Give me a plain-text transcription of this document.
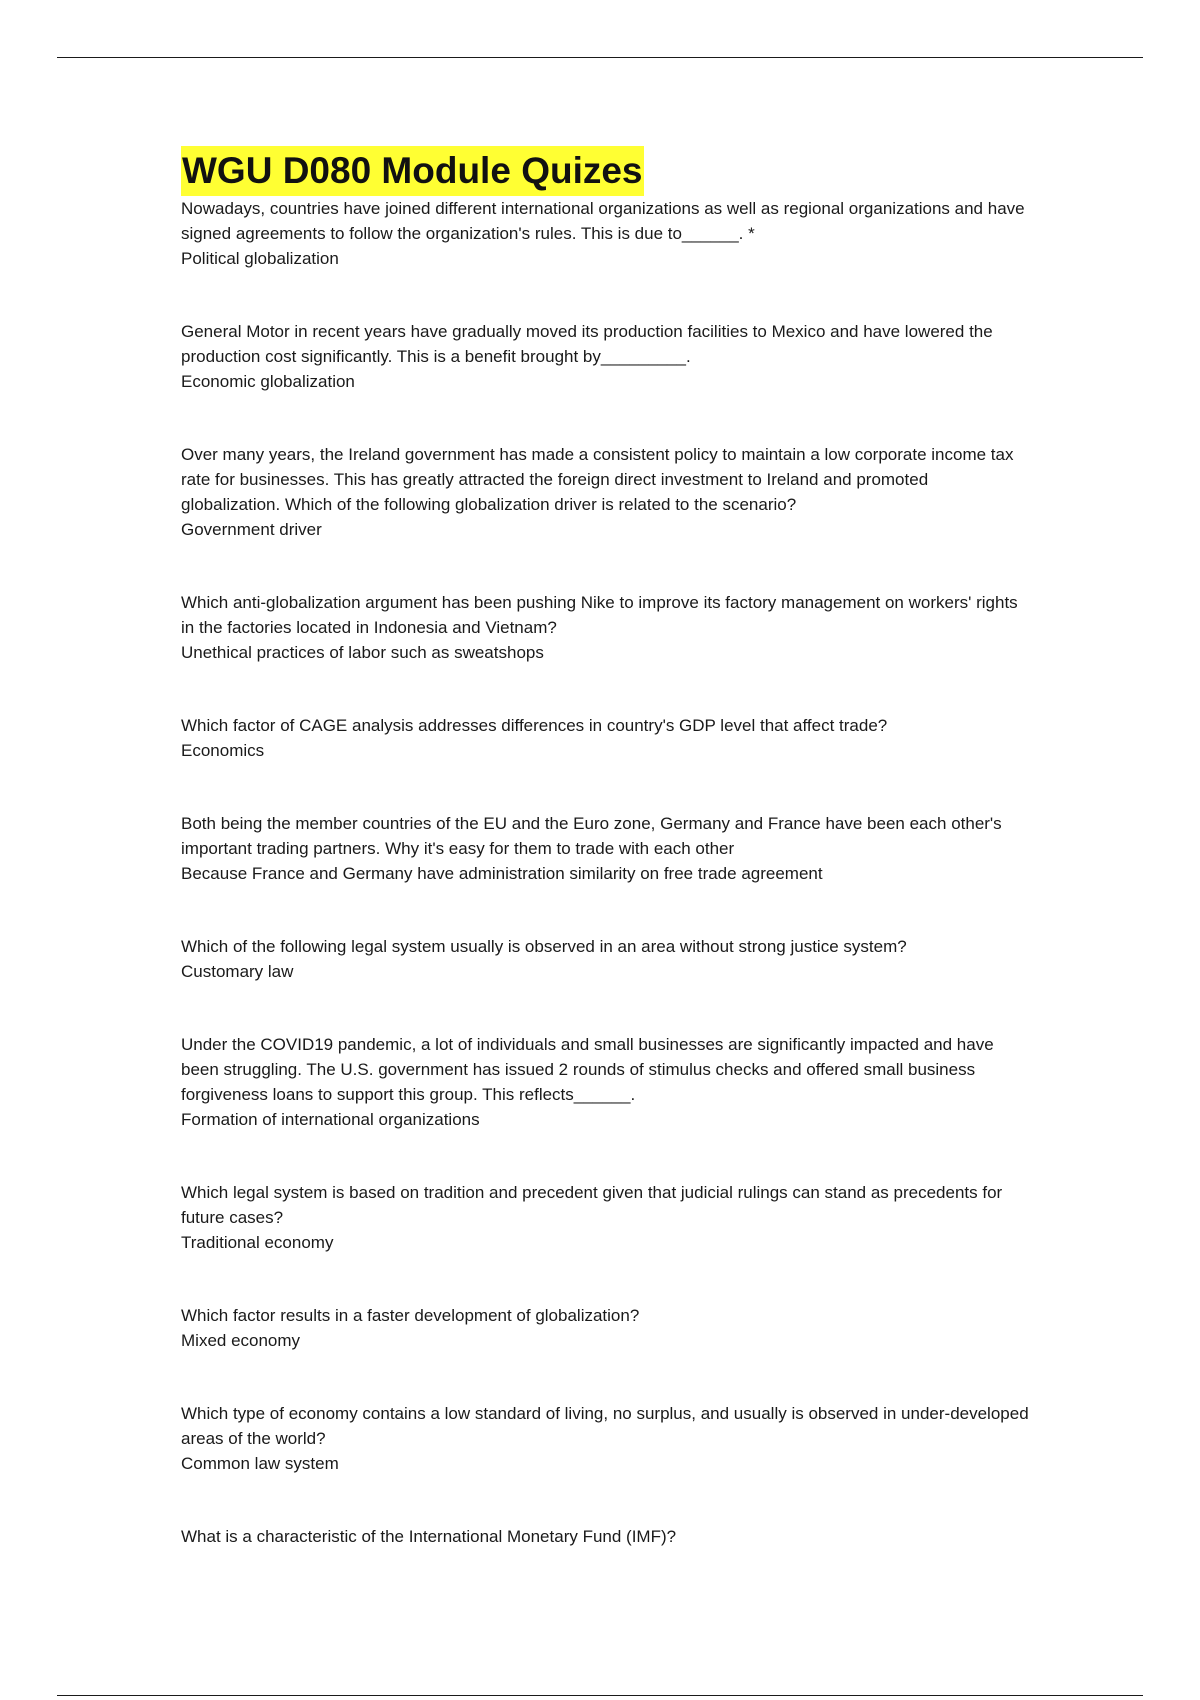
WGU D080 Module Quizes

Nowadays, countries have joined different international organizations as well as regional organizations and have signed agreements to follow the organization's rules. This is due to______. *

Political globalization

General Motor in recent years have gradually moved its production facilities to Mexico and have lowered the production cost significantly. This is a benefit brought by_________.

Economic globalization

Over many years, the Ireland government has made a consistent policy to maintain a low corporate income tax rate for businesses. This has greatly attracted the foreign direct investment to Ireland and promoted globalization. Which of the following globalization driver is related to the scenario?

Government driver

Which anti-globalization argument has been pushing Nike to improve its factory management on workers' rights in the factories located in Indonesia and Vietnam?

Unethical practices of labor such as sweatshops

Which factor of CAGE analysis addresses differences in country's GDP level that affect trade?

Economics

Both being the member countries of the EU and the Euro zone, Germany and France have been each other's important trading partners. Why it's easy for them to trade with each other

Because France and Germany have administration similarity on free trade agreement

Which of the following legal system usually is observed in an area without strong justice system?

Customary law

Under the COVID19 pandemic, a lot of individuals and small businesses are significantly impacted and have been struggling. The U.S. government has issued 2 rounds of stimulus checks and offered small business forgiveness loans to support this group. This reflects______.

Formation of international organizations

Which legal system is based on tradition and precedent given that judicial rulings can stand as precedents for future cases?

Traditional economy

Which factor results in a faster development of globalization?

Mixed economy

Which type of economy contains a low standard of living, no surplus, and usually is observed in under-developed areas of the world?

Common law system

What is a characteristic of the International Monetary Fund (IMF)?
